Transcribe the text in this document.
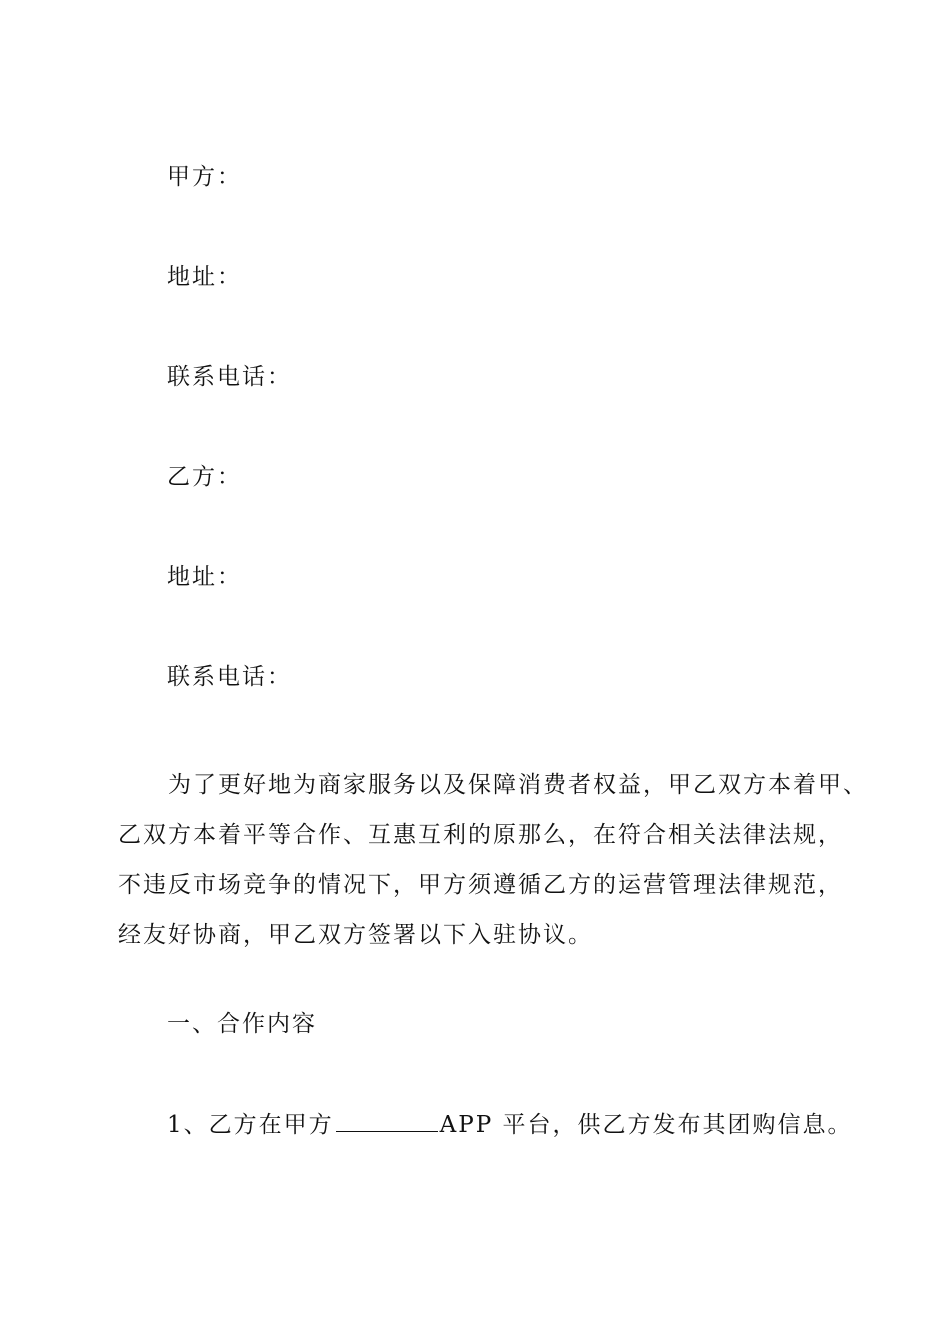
甲方：
地址：
联系电话：
乙方：
地址：
联系电话：
为了更好地为商家服务以及保障消费者权益，甲乙双方本着甲、
乙双方本着平等合作、互惠互利的原那么，在符合相关法律法规，
不违反市场竞争的情况下，甲方须遵循乙方的运营管理法律规范，
经友好协商，甲乙双方签署以下入驻协议。
一、合作内容
1、乙方在甲方	APP 平台，供乙方发布其团购信息。
